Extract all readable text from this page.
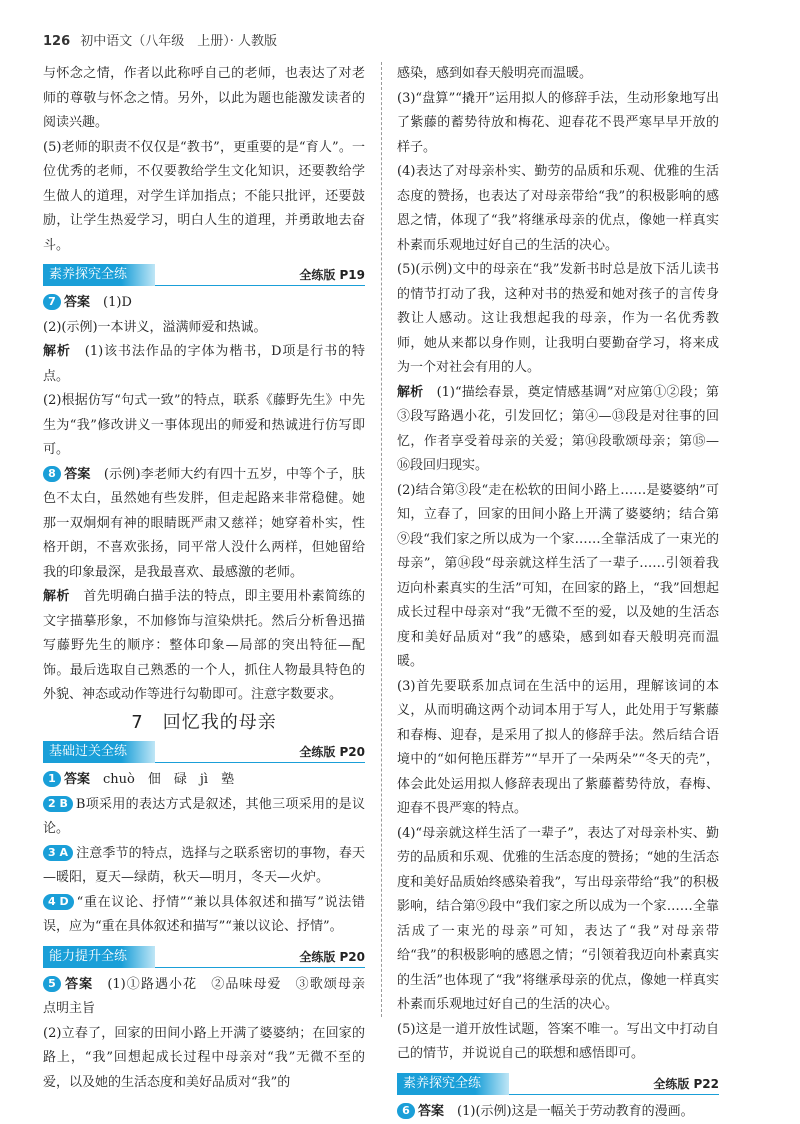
126 初中语文（八年级　上册）· 人教版

与怀念之情，作者以此称呼自己的老师，也表达了对老师的尊敬与怀念之情。另外，以此为题也能激发读者的阅读兴趣。

(5)老师的职责不仅仅是“教书”，更重要的是“育人”。一位优秀的老师，不仅要教给学生文化知识，还要教给学生做人的道理，对学生详加指点；不能只批评，还要鼓励，让学生热爱学习，明白人生的道理，并勇敢地去奋斗。

素养探究全练	全练版 P19

7 答案　 (1)D

(2)(示例)一本讲义，溢满师爱和热诚。

解析　 (1)该书法作品的字体为楷书，D项是行书的特点。

(2)根据仿写“句式一致”的特点，联系《藤野先生》中先生为“我”修改讲义一事体现出的师爱和热诚进行仿写即可。

8 答案　 (示例)李老师大约有四十五岁，中等个子，肤色不太白，虽然她有些发胖，但走起路来非常稳健。她那一双炯炯有神的眼睛既严肃又慈祥；她穿着朴实，性格开朗，不喜欢张扬，同平常人没什么两样，但她留给我的印象最深，是我最喜欢、最感激的老师。

解析　 首先明确白描手法的特点，即主要用朴素简练的文字描摹形象，不加修饰与渲染烘托。然后分析鲁迅描写藤野先生的顺序：整体印象—局部的突出特征—配饰。最后选取自己熟悉的一个人，抓住人物最具特色的外貌、神态或动作等进行勾勒即可。注意字数要求。

7　回忆我的母亲
基础过关全练	全练版 P20

1 答案　 chuò　佃　碌　jì　塾

2 B B项采用的表达方式是叙述，其他三项采用的是议论。

3 A 注意季节的特点，选择与之联系密切的事物，春天—暖阳，夏天—绿荫，秋天—明月，冬天—火炉。

4 D “重在议论、抒情”“兼以具体叙述和描写”说法错误，应为“重在具体叙述和描写”“兼以议论、抒情”。

能力提升全练	全练版 P20

5 答案　 (1)①路遇小花　②品味母爱　③歌颂母亲　点明主旨

(2)立春了，回家的田间小路上开满了婆婆纳；在回家的路上，“我”回想起成长过程中母亲对“我”无微不至的爱，以及她的生活态度和美好品质对“我”的

感染，感到如春天般明亮而温暖。

(3)“盘算”“撬开”运用拟人的修辞手法，生动形象地写出了紫藤的蓄势待放和梅花、迎春花不畏严寒早早开放的样子。

(4)表达了对母亲朴实、勤劳的品质和乐观、优雅的生活态度的赞扬，也表达了对母亲带给“我”的积极影响的感恩之情，体现了“我”将继承母亲的优点，像她一样真实朴素而乐观地过好自己的生活的决心。

(5)(示例)文中的母亲在“我”发新书时总是放下活儿读书的情节打动了我，这种对书的热爱和她对孩子的言传身教让人感动。这让我想起我的母亲，作为一名优秀教师，她从来都以身作则，让我明白要勤奋学习，将来成为一个对社会有用的人。

解析　 (1)“描绘春景，奠定情感基调”对应第①②段；第③段写路遇小花，引发回忆；第④—⑬段是对往事的回忆，作者享受着母亲的关爱；第⑭段歌颂母亲；第⑮—⑯段回归现实。

(2)结合第③段“走在松软的田间小路上……是婆婆纳”可知，立春了，回家的田间小路上开满了婆婆纳；结合第⑨段“我们家之所以成为一个家……全靠活成了一束光的母亲”，第⑭段“母亲就这样生活了一辈子……引领着我迈向朴素真实的生活”可知，在回家的路上，“我”回想起成长过程中母亲对“我”无微不至的爱，以及她的生活态度和美好品质对“我”的感染，感到如春天般明亮而温暖。

(3)首先要联系加点词在生活中的运用，理解该词的本义，从而明确这两个动词本用于写人，此处用于写紫藤和春梅、迎春，是采用了拟人的修辞手法。然后结合语境中的“如何艳压群芳”“早开了一朵两朵”“冬天的壳”，体会此处运用拟人修辞表现出了紫藤蓄势待放，春梅、迎春不畏严寒的特点。

(4)“母亲就这样生活了一辈子”，表达了对母亲朴实、勤劳的品质和乐观、优雅的生活态度的赞扬；“她的生活态度和美好品质始终感染着我”，写出母亲带给“我”的积极影响，结合第⑨段中“我们家之所以成为一个家……全靠活成了一束光的母亲”可知，表达了“我”对母亲带给“我”的积极影响的感恩之情；“引领着我迈向朴素真实的生活”也体现了“我”将继承母亲的优点，像她一样真实朴素而乐观地过好自己的生活的决心。

(5)这是一道开放性试题，答案不唯一。写出文中打动自己的情节，并说说自己的联想和感悟即可。

素养探究全练	全练版 P22

6 答案　 (1)(示例)这是一幅关于劳动教育的漫画。
